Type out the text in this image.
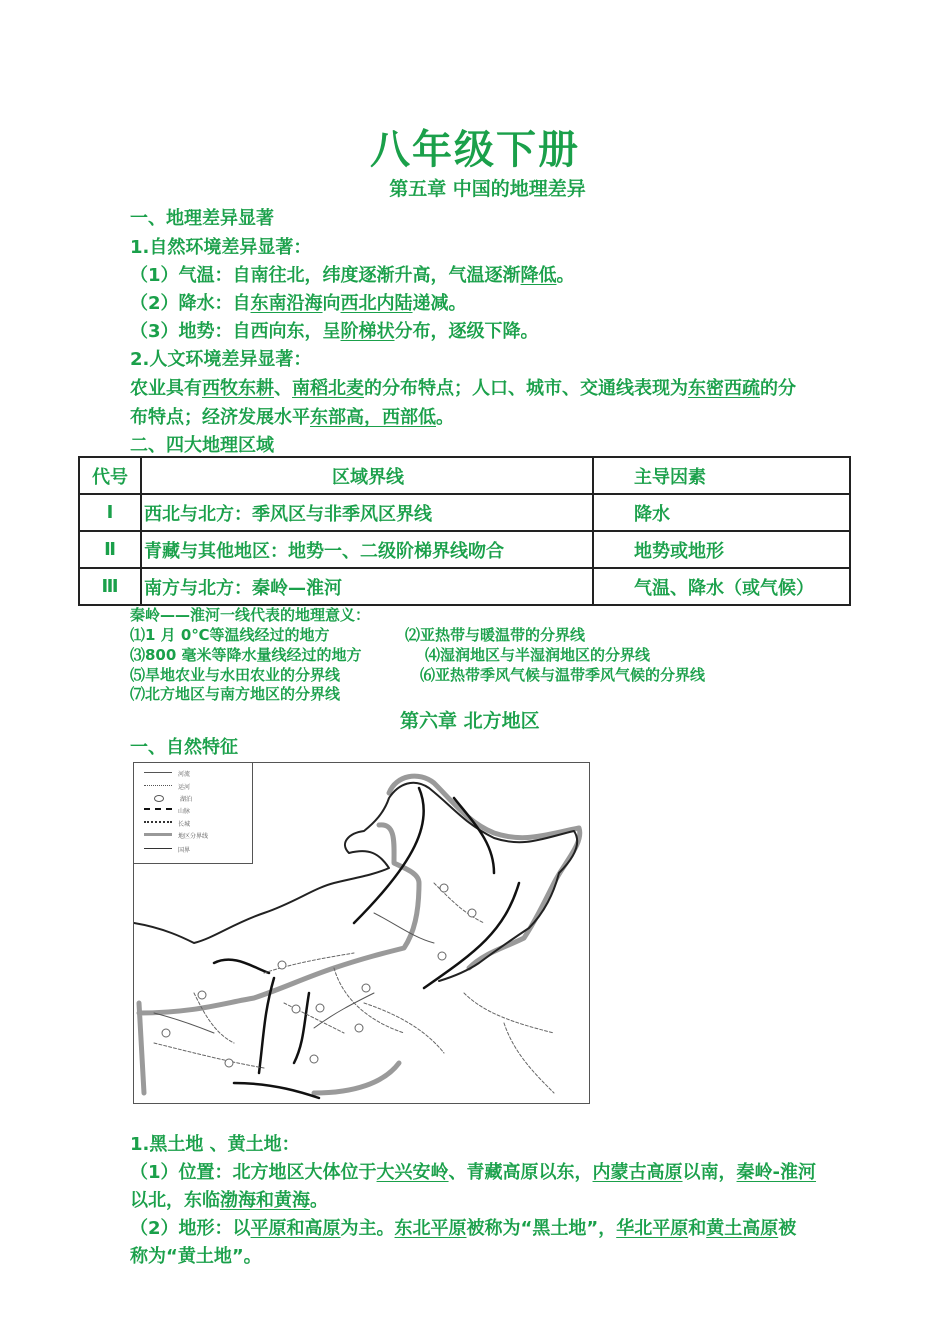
八年级下册
第五章 中国的地理差异
一、地理差异显著
1.自然环境差异显著：
（1）气温：自南往北，纬度逐渐升高，气温逐渐降低。
（2）降水：自东南沿海向西北内陆递减。
（3）地势：自西向东，呈阶梯状分布，逐级下降。
2.人文环境差异显著：
农业具有西牧东耕、南稻北麦的分布特点；人口、城市、交通线表现为东密西疏的分
布特点；经济发展水平东部高，西部低。
二、四大地理区域
代号	区域界线	主导因素
Ⅰ	西北与北方：季风区与非季风区界线	降水
Ⅱ	青藏与其他地区：地势一、二级阶梯界线吻合	地势或地形
Ⅲ	南方与北方：秦岭—淮河	气温、降水（或气候）
秦岭——淮河一线代表的地理意义：
⑴1 月 0℃等温线经过的地方	⑵亚热带与暖温带的分界线
⑶800 毫米等降水量线经过的地方	⑷湿润地区与半湿润地区的分界线
⑸旱地农业与水田农业的分界线	⑹亚热带季风气候与温带季风气候的分界线
⑺北方地区与南方地区的分界线
第六章 北方地区
一、自然特征
河流
运河
湖泊
山脉
长城
地区分界线
国界
1.黑土地 、黄土地：
（1）位置：北方地区大体位于大兴安岭、青藏高原以东，内蒙古高原以南，秦岭-淮河
以北，东临渤海和黄海。
（2）地形：以平原和高原为主。东北平原被称为“黑土地”，华北平原和黄土高原被
称为“黄土地”。
